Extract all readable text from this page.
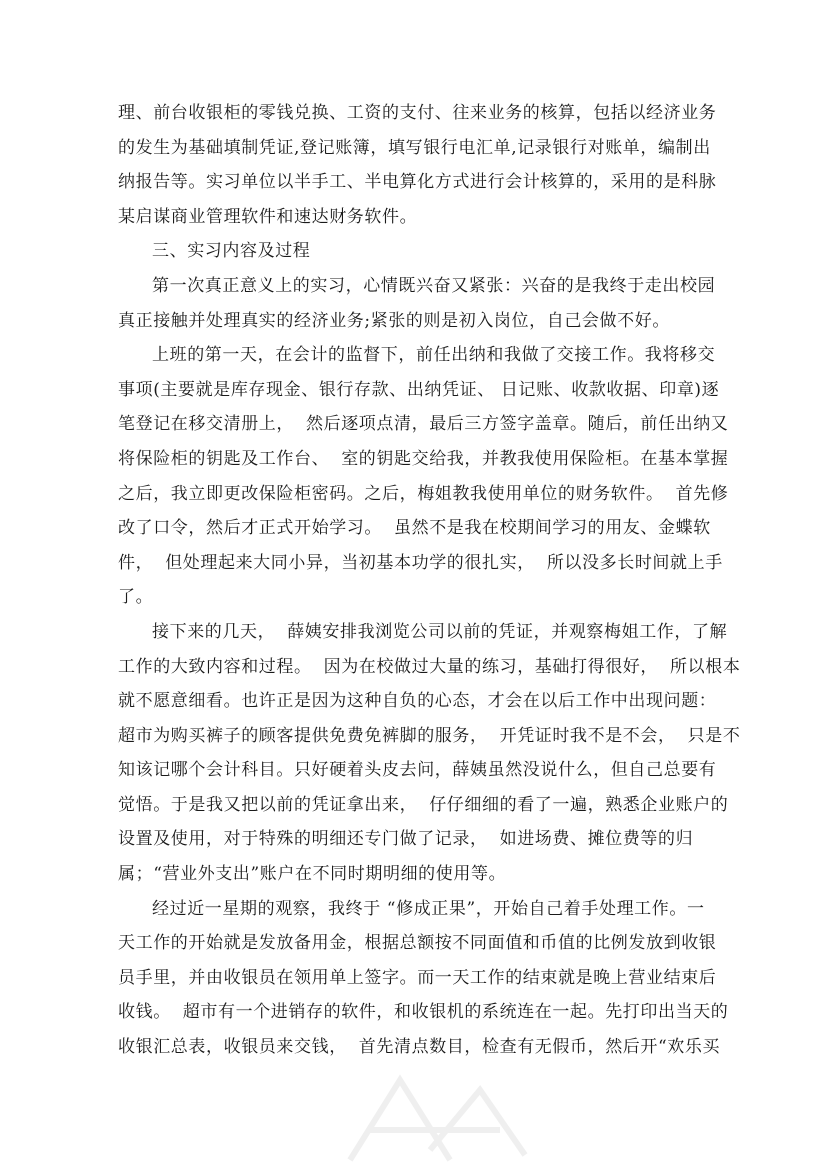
理、前台收银柜的零钱兑换、工资的支付、往来业务的核算，包括以经济业务
的发生为基础填制凭证,登记账簿，填写银行电汇单,记录银行对账单，编制出
纳报告等。实习单位以半手工、半电算化方式进行会计核算的，采用的是科脉
某启谋商业管理软件和速达财务软件。
三、实习内容及过程
第一次真正意义上的实习，心情既兴奋又紧张：兴奋的是我终于走出校园
真正接触并处理真实的经济业务;紧张的则是初入岗位，自己会做不好。
上班的第一天，在会计的监督下，前任出纳和我做了交接工作。我将移交
事项(主要就是库存现金、银行存款、出纳凭证、 日记账、收款收据、印章)逐
笔登记在移交清册上，  然后逐项点清，最后三方签字盖章。随后，前任出纳又
将保险柜的钥匙及工作台、  室的钥匙交给我，并教我使用保险柜。在基本掌握
之后，我立即更改保险柜密码。之后，梅姐教我使用单位的财务软件。  首先修
改了口令，然后才正式开始学习。  虽然不是我在校期间学习的用友、金蝶软
件，  但处理起来大同小异，当初基本功学的很扎实，  所以没多长时间就上手
了。
接下来的几天，  薛姨安排我浏览公司以前的凭证，并观察梅姐工作，了解
工作的大致内容和过程。  因为在校做过大量的练习，基础打得很好，  所以根本
就不愿意细看。也许正是因为这种自负的心态，才会在以后工作中出现问题：
超市为购买裤子的顾客提供免费免裤脚的服务，  开凭证时我不是不会，  只是不
知该记哪个会计科目。只好硬着头皮去问，薛姨虽然没说什么，但自己总要有
觉悟。于是我又把以前的凭证拿出来，  仔仔细细的看了一遍，熟悉企业账户的
设置及使用，对于特殊的明细还专门做了记录，  如进场费、摊位费等的归
属；“营业外支出”账户在不同时期明细的使用等。
经过近一星期的观察，我终于 “修成正果”，开始自己着手处理工作。一
天工作的开始就是发放备用金，根据总额按不同面值和币值的比例发放到收银
员手里，并由收银员在领用单上签字。而一天工作的结束就是晚上营业结束后
收钱。  超市有一个进销存的软件，和收银机的系统连在一起。先打印出当天的
收银汇总表，收银员来交钱，  首先清点数目，检查有无假币，然后开“欢乐买
